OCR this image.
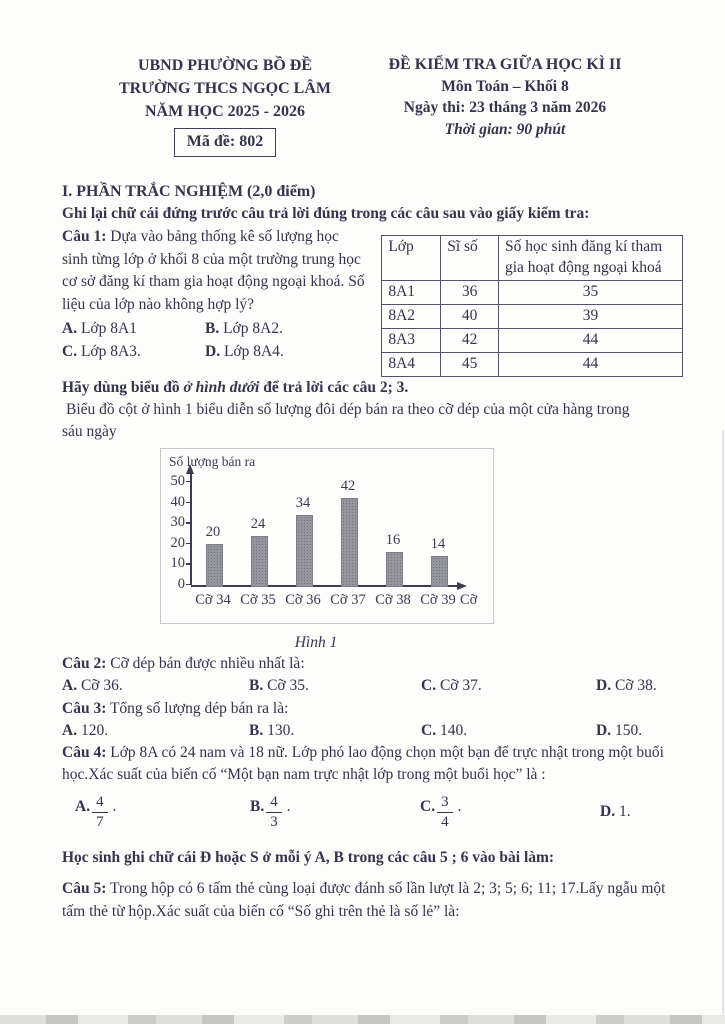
UBND PHƯỜNG BỒ ĐỀ
TRƯỜNG THCS NGỌC LÂM
NĂM HỌC 2025 - 2026
Mã đề: 802
ĐỀ KIỂM TRA GIỮA HỌC KÌ II
Môn Toán – Khối 8
Ngày thi: 23 tháng 3 năm 2026
Thời gian: 90 phút
I. PHẦN TRẮC NGHIỆM (2,0 điểm)
Ghi lại chữ cái đứng trước câu trả lời đúng trong các câu sau vào giấy kiểm tra:
Câu 1: Dựa vào bảng thống kê số lượng học sinh từng lớp ở khối 8 của một trường trung học cơ sở đăng kí tham gia hoạt động ngoại khoá. Số liệu của lớp nào không hợp lý?
A. Lớp 8A1	B. Lớp 8A2.
C. Lớp 8A3.	D. Lớp 8A4.
Lớp	Sĩ số	Số học sinh đăng kí tham gia hoạt động ngoại khoá
8A1	36	35
8A2	40	39
8A3	42	44
8A4	45	44
Hãy dùng biểu đồ ở hình dưới để trả lời các câu 2; 3.
Biểu đồ cột ở hình 1 biểu diễn số lượng đôi dép bán ra theo cỡ dép của một cửa hàng trong
sáu ngày
Số lượng bán ra
0
10
20
30
40
50
20
Cỡ 34
24
Cỡ 35
34
Cỡ 36
42
Cỡ 37
16
Cỡ 38
14
Cỡ 39 Cỡ
Hình 1
Câu 2: Cỡ dép bán được nhiều nhất là:
A. Cỡ 36.	B. Cỡ 35.	C. Cỡ 37.	D. Cỡ 38.
Câu 3: Tổng số lượng dép bán ra là:
A. 120.	B. 130.	C. 140.	D. 150.
Câu 4: Lớp 8A có 24 nam và 18 nữ. Lớp phó lao động chọn một bạn để trực nhật trong một buổi học.Xác suất của biến cố “Một bạn nam trực nhật lớp trong một buổi học” là :
A. $\frac{4}{7}$ .	B. $\frac{4}{3}$ .	C. $\frac{3}{4}$ .	D. 1.
Học sinh ghi chữ cái Đ hoặc S ở mỗi ý A, B trong các câu 5 ; 6 vào bài làm:
Câu 5: Trong hộp có 6 tấm thẻ cùng loại được đánh số lần lượt là 2; 3; 5; 6; 11; 17.Lấy ngẫu một tấm thẻ từ hộp.Xác suất của biến cố “Số ghi trên thẻ là số lẻ” là:
